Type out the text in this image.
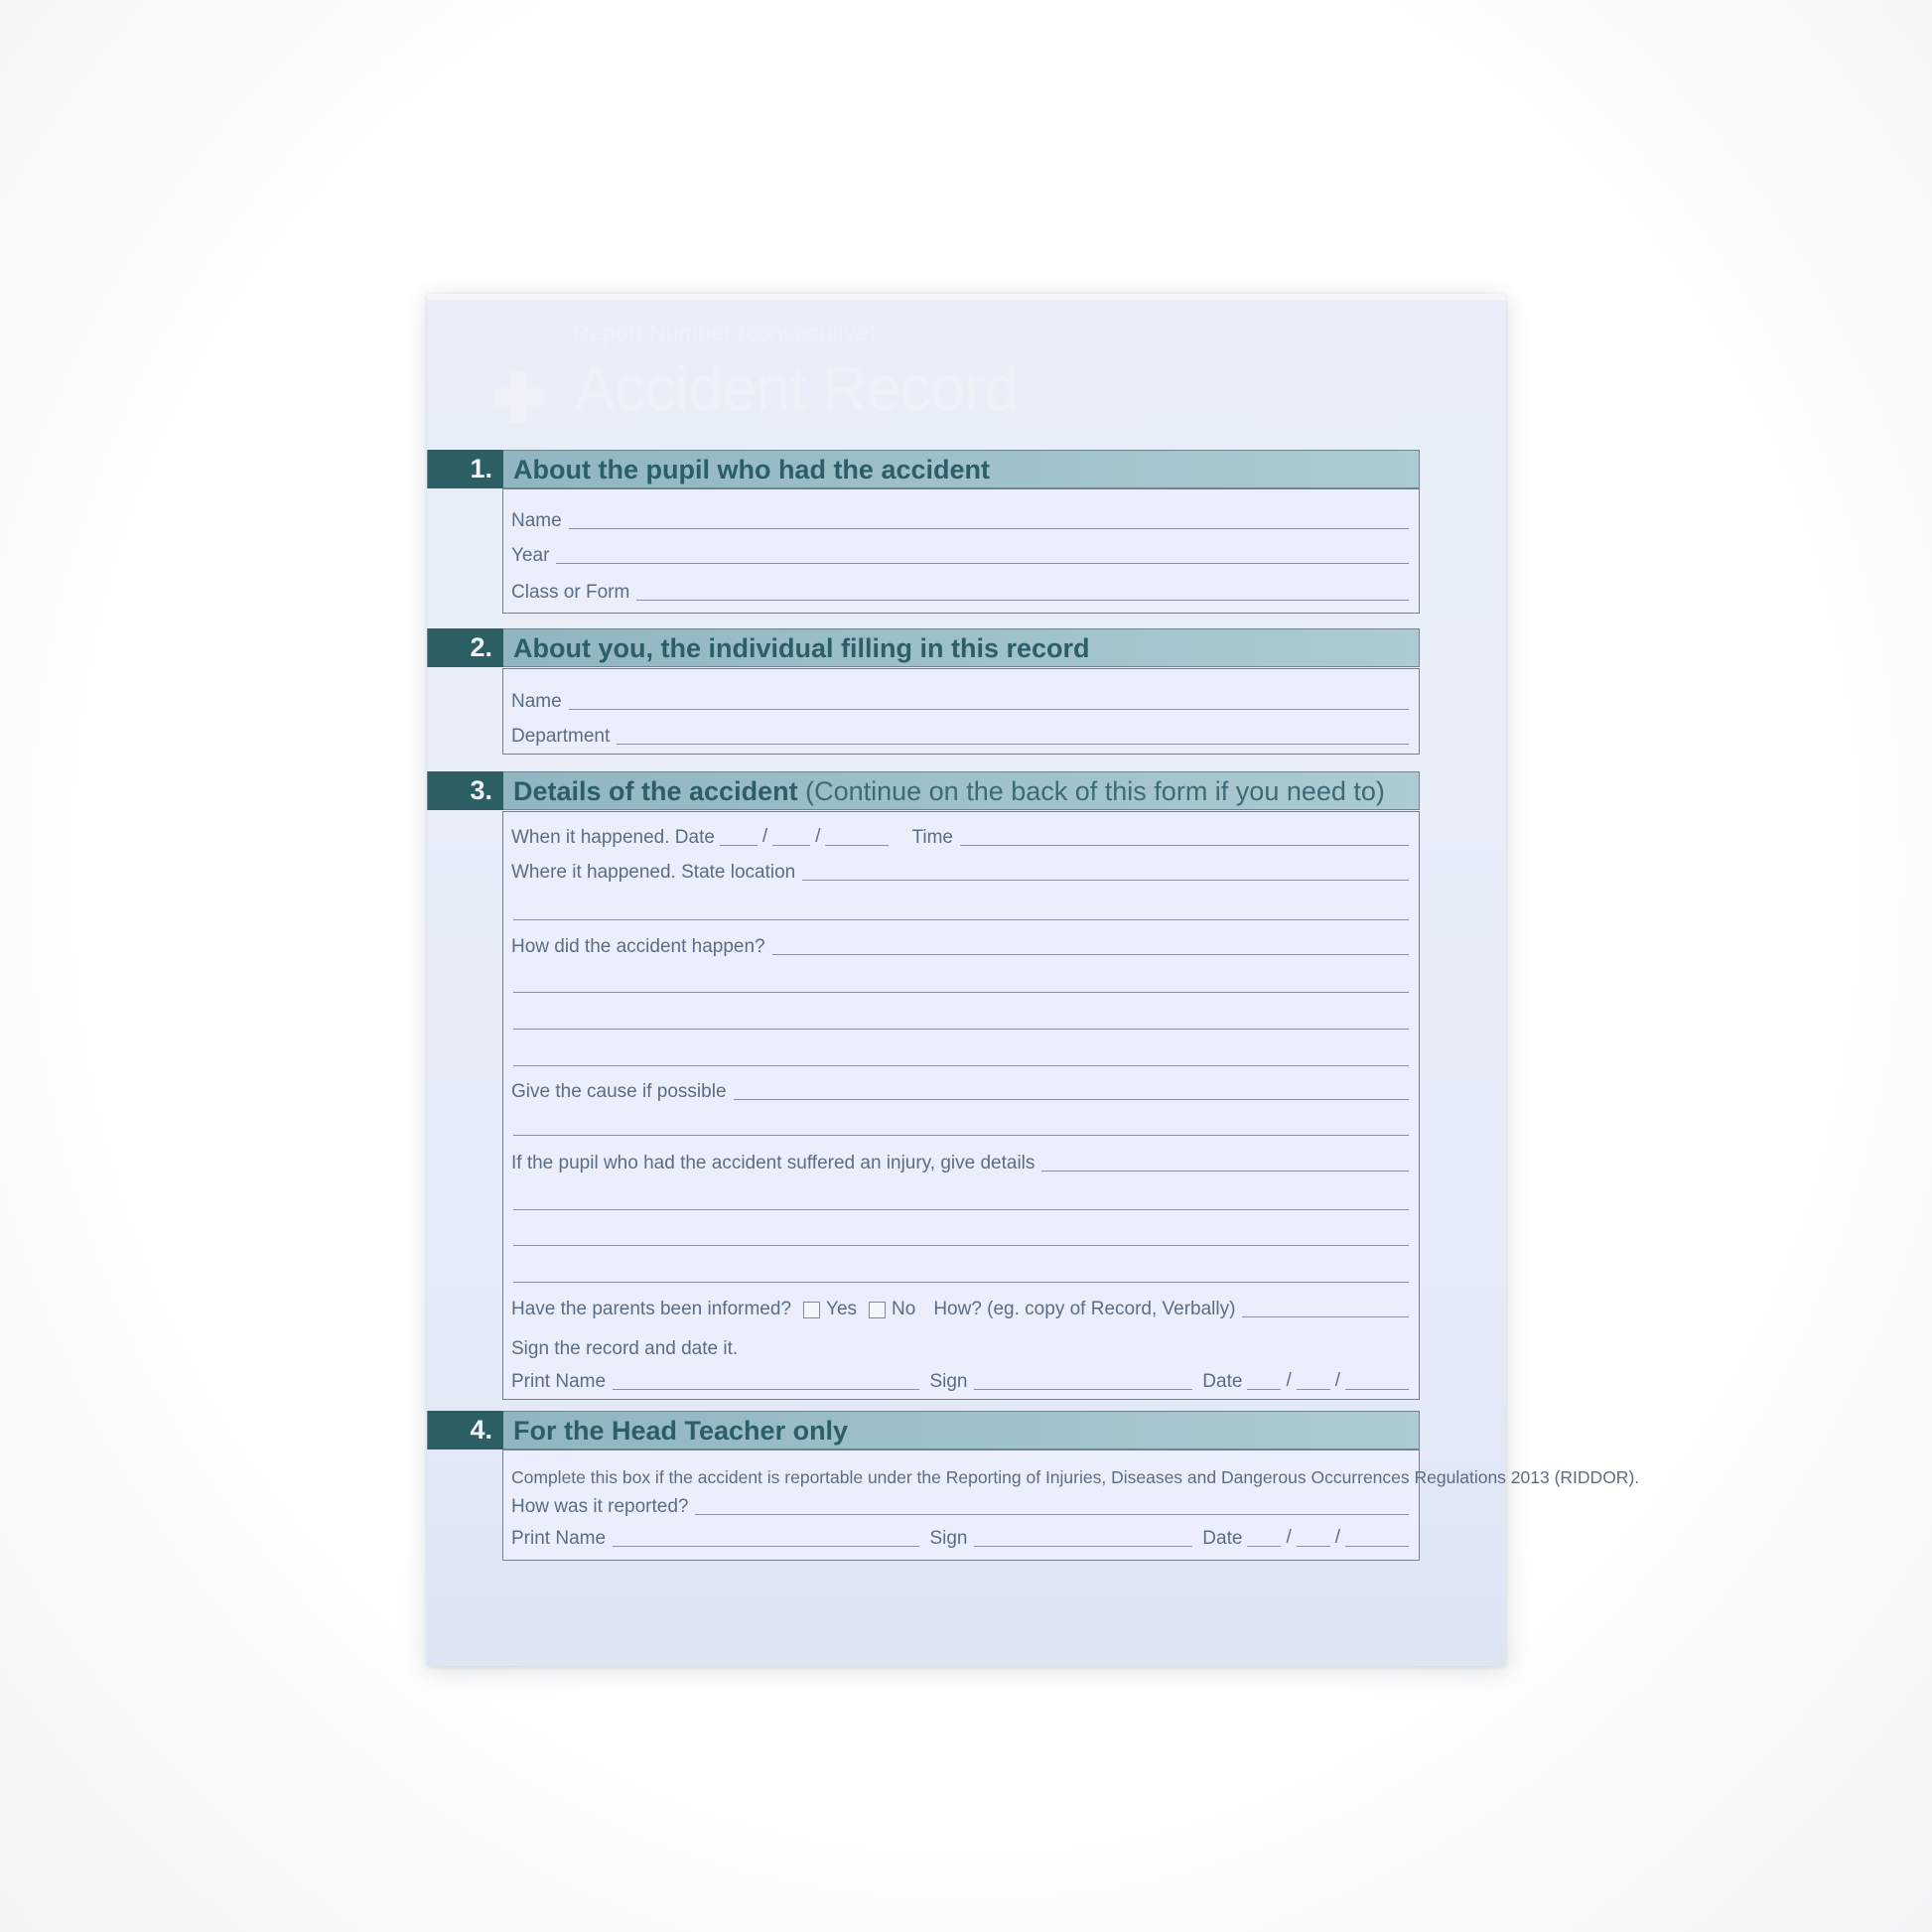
Report Number (consecutive)
Accident Record
1. About the pupil who had the accident
Name
Year
Class or Form
2. About you, the individual filling in this record
Name
Department
3. Details of the accident (Continue on the back of this form if you need to)
When it happened. Date	/	/	Time
Where it happened. State location
How did the accident happen?
Give the cause if possible
If the pupil who had the accident suffered an injury, give details
Have the parents been informed? Yes No How? (eg. copy of Record, Verbally)
Sign the record and date it.
Print Name	Sign	Date / /
4. For the Head Teacher only
Complete this box if the accident is reportable under the Reporting of Injuries, Diseases and Dangerous Occurrences Regulations 2013 (RIDDOR).
How was it reported?
Print Name	Sign	Date / /
